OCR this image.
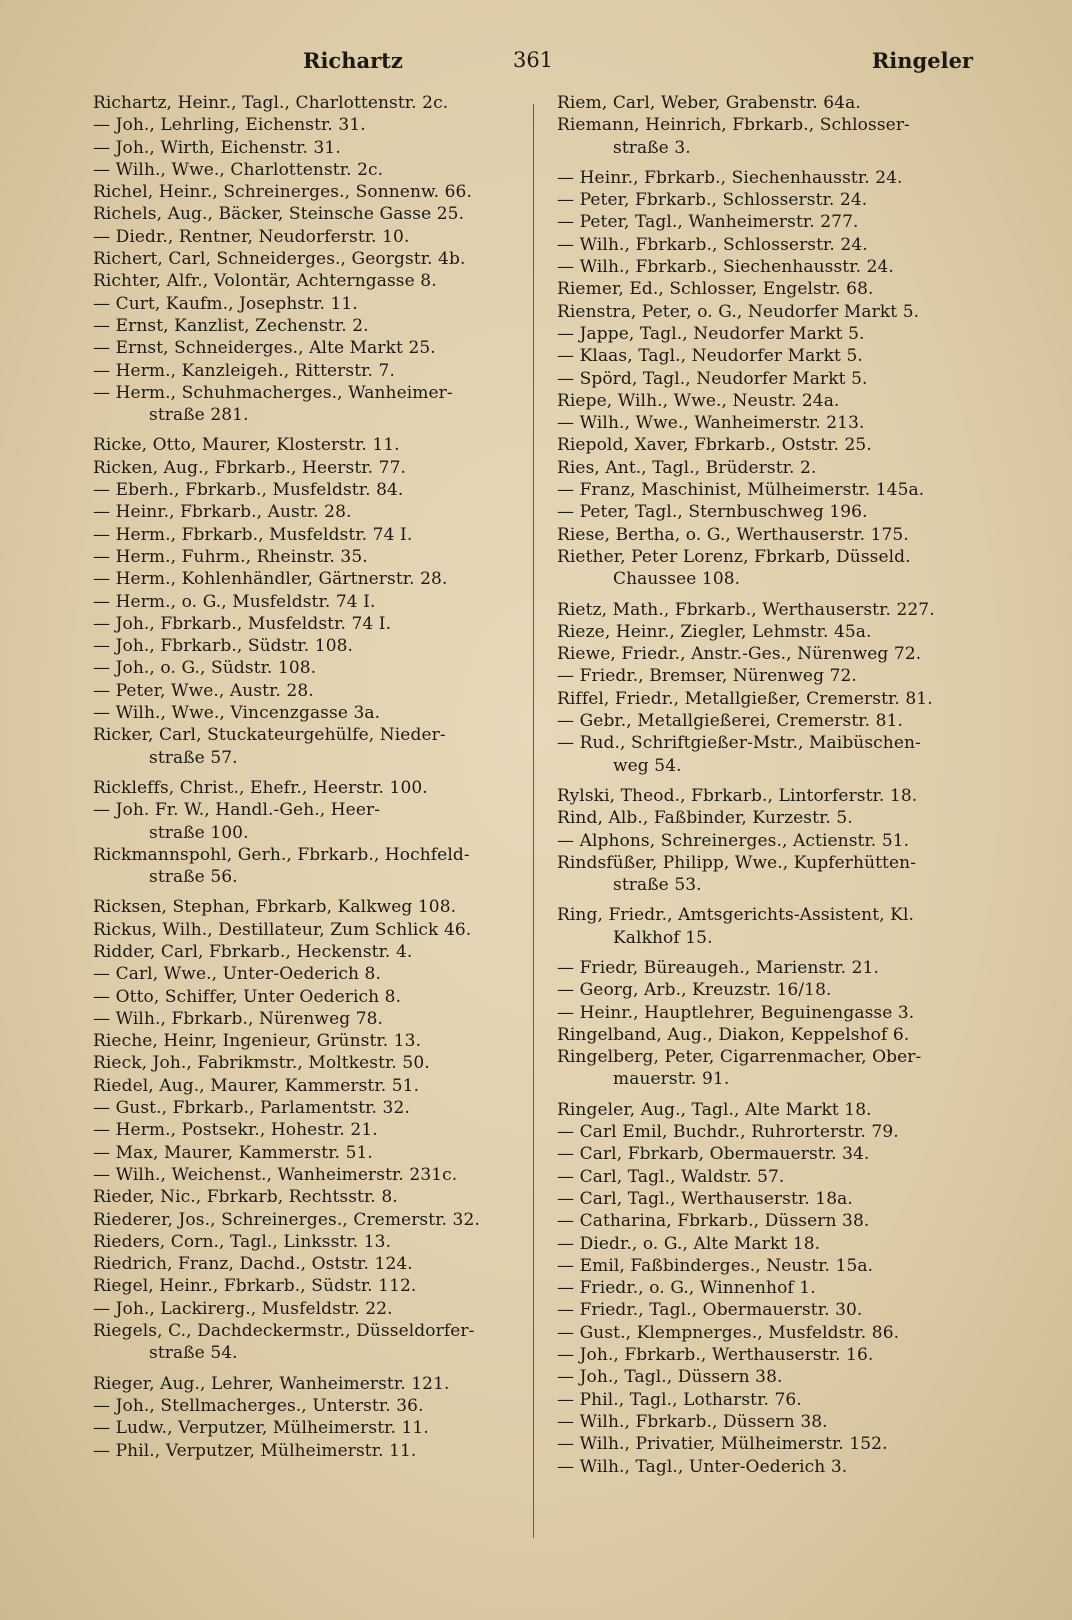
Richartz	361	Ringeler
Richartz, Heinr., Tagl., Charlottenstr. 2c.
— Joh., Lehrling, Eichenstr. 31.
— Joh., Wirth, Eichenstr. 31.
— Wilh., Wwe., Charlottenstr. 2c.
Richel, Heinr., Schreinerges., Sonnenw. 66.
Richels, Aug., Bäcker, Steinsche Gasse 25.
— Diedr., Rentner, Neudorferstr. 10.
Richert, Carl, Schneiderges., Georgstr. 4b.
Richter, Alfr., Volontär, Achterngasse 8.
— Curt, Kaufm., Josephstr. 11.
— Ernst, Kanzlist, Zechenstr. 2.
— Ernst, Schneiderges., Alte Markt 25.
— Herm., Kanzleigeh., Ritterstr. 7.
— Herm., Schuhmacherges., Wanheimer-
straße 281.
Ricke, Otto, Maurer, Klosterstr. 11.
Ricken, Aug., Fbrkarb., Heerstr. 77.
— Eberh., Fbrkarb., Musfeldstr. 84.
— Heinr., Fbrkarb., Austr. 28.
— Herm., Fbrkarb., Musfeldstr. 74 I.
— Herm., Fuhrm., Rheinstr. 35.
— Herm., Kohlenhändler, Gärtnerstr. 28.
— Herm., o. G., Musfeldstr. 74 I.
— Joh., Fbrkarb., Musfeldstr. 74 I.
— Joh., Fbrkarb., Südstr. 108.
— Joh., o. G., Südstr. 108.
— Peter, Wwe., Austr. 28.
— Wilh., Wwe., Vincenzgasse 3a.
Ricker, Carl, Stuckateurgehülfe, Nieder-
straße 57.
Rickleffs, Christ., Ehefr., Heerstr. 100.
— Joh. Fr. W., Handl.-Geh., Heer-
straße 100.
Rickmannspohl, Gerh., Fbrkarb., Hochfeld-
straße 56.
Ricksen, Stephan, Fbrkarb, Kalkweg 108.
Rickus, Wilh., Destillateur, Zum Schlick 46.
Ridder, Carl, Fbrkarb., Heckenstr. 4.
— Carl, Wwe., Unter-Oederich 8.
— Otto, Schiffer, Unter Oederich 8.
— Wilh., Fbrkarb., Nürenweg 78.
Rieche, Heinr, Ingenieur, Grünstr. 13.
Rieck, Joh., Fabrikmstr., Moltkestr. 50.
Riedel, Aug., Maurer, Kammerstr. 51.
— Gust., Fbrkarb., Parlamentstr. 32.
— Herm., Postsekr., Hohestr. 21.
— Max, Maurer, Kammerstr. 51.
— Wilh., Weichenst., Wanheimerstr. 231c.
Rieder, Nic., Fbrkarb, Rechtsstr. 8.
Riederer, Jos., Schreinerges., Cremerstr. 32.
Rieders, Corn., Tagl., Linksstr. 13.
Riedrich, Franz, Dachd., Oststr. 124.
Riegel, Heinr., Fbrkarb., Südstr. 112.
— Joh., Lackirerg., Musfeldstr. 22.
Riegels, C., Dachdeckermstr., Düsseldorfer-
straße 54.
Rieger, Aug., Lehrer, Wanheimerstr. 121.
— Joh., Stellmacherges., Unterstr. 36.
— Ludw., Verputzer, Mülheimerstr. 11.
— Phil., Verputzer, Mülheimerstr. 11.
Riem, Carl, Weber, Grabenstr. 64a.
Riemann, Heinrich, Fbrkarb., Schlosser-
straße 3.
— Heinr., Fbrkarb., Siechenhausstr. 24.
— Peter, Fbrkarb., Schlosserstr. 24.
— Peter, Tagl., Wanheimerstr. 277.
— Wilh., Fbrkarb., Schlosserstr. 24.
— Wilh., Fbrkarb., Siechenhausstr. 24.
Riemer, Ed., Schlosser, Engelstr. 68.
Rienstra, Peter, o. G., Neudorfer Markt 5.
— Jappe, Tagl., Neudorfer Markt 5.
— Klaas, Tagl., Neudorfer Markt 5.
— Spörd, Tagl., Neudorfer Markt 5.
Riepe, Wilh., Wwe., Neustr. 24a.
— Wilh., Wwe., Wanheimerstr. 213.
Riepold, Xaver, Fbrkarb., Oststr. 25.
Ries, Ant., Tagl., Brüderstr. 2.
— Franz, Maschinist, Mülheimerstr. 145a.
— Peter, Tagl., Sternbuschweg 196.
Riese, Bertha, o. G., Werthauserstr. 175.
Riether, Peter Lorenz, Fbrkarb, Düsseld.
Chaussee 108.
Rietz, Math., Fbrkarb., Werthauserstr. 227.
Rieze, Heinr., Ziegler, Lehmstr. 45a.
Riewe, Friedr., Anstr.-Ges., Nürenweg 72.
— Friedr., Bremser, Nürenweg 72.
Riffel, Friedr., Metallgießer, Cremerstr. 81.
— Gebr., Metallgießerei, Cremerstr. 81.
— Rud., Schriftgießer-Mstr., Maibüschen-
weg 54.
Rylski, Theod., Fbrkarb., Lintorferstr. 18.
Rind, Alb., Faßbinder, Kurzestr. 5.
— Alphons, Schreinerges., Actienstr. 51.
Rindsfüßer, Philipp, Wwe., Kupferhütten-
straße 53.
Ring, Friedr., Amtsgerichts-Assistent, Kl.
Kalkhof 15.
— Friedr, Büreaugeh., Marienstr. 21.
— Georg, Arb., Kreuzstr. 16/18.
— Heinr., Hauptlehrer, Beguinengasse 3.
Ringelband, Aug., Diakon, Keppelshof 6.
Ringelberg, Peter, Cigarrenmacher, Ober-
mauerstr. 91.
Ringeler, Aug., Tagl., Alte Markt 18.
— Carl Emil, Buchdr., Ruhrorterstr. 79.
— Carl, Fbrkarb, Obermauerstr. 34.
— Carl, Tagl., Waldstr. 57.
— Carl, Tagl., Werthauserstr. 18a.
— Catharina, Fbrkarb., Düssern 38.
— Diedr., o. G., Alte Markt 18.
— Emil, Faßbinderges., Neustr. 15a.
— Friedr., o. G., Winnenhof 1.
— Friedr., Tagl., Obermauerstr. 30.
— Gust., Klempnerges., Musfeldstr. 86.
— Joh., Fbrkarb., Werthauserstr. 16.
— Joh., Tagl., Düssern 38.
— Phil., Tagl., Lotharstr. 76.
— Wilh., Fbrkarb., Düssern 38.
— Wilh., Privatier, Mülheimerstr. 152.
— Wilh., Tagl., Unter-Oederich 3.
